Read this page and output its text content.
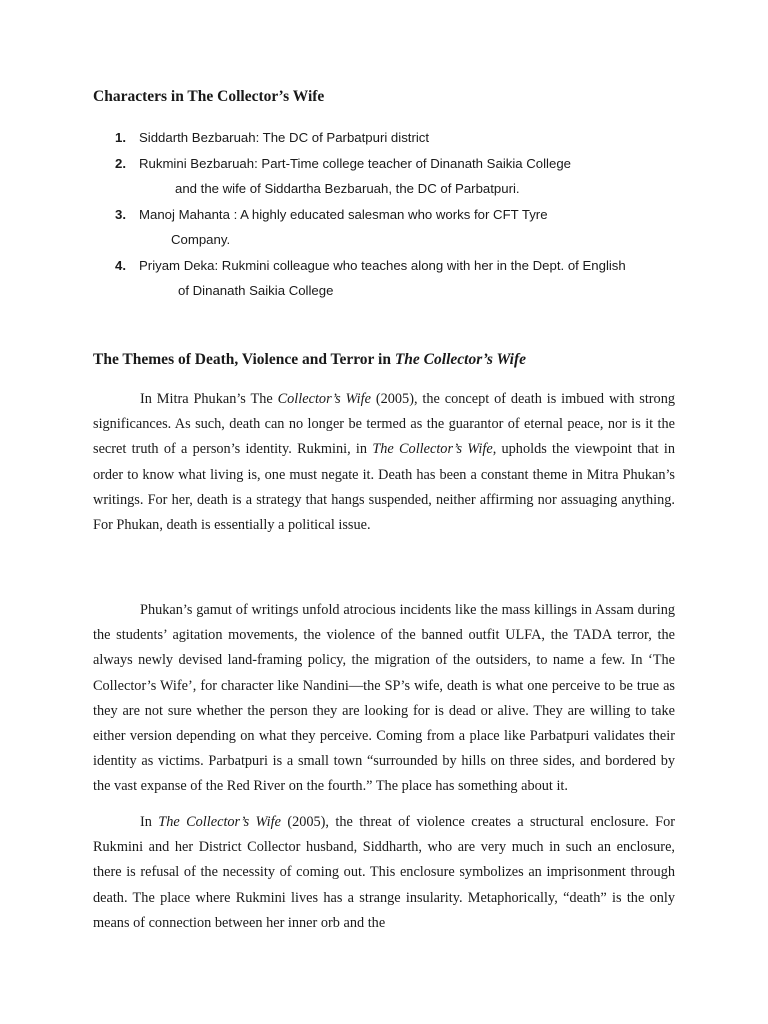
Characters in The Collector’s Wife
1. Siddarth Bezbaruah: The DC of Parbatpuri district
2. Rukmini Bezbaruah: Part-Time college teacher of Dinanath Saikia College
and the wife of Siddartha Bezbaruah, the DC of Parbatpuri.
3. Manoj Mahanta : A highly educated salesman who works for CFT Tyre
Company.
4. Priyam Deka: Rukmini colleague who teaches along with her in the Dept. of English
of Dinanath Saikia College
The Themes of Death, Violence and Terror in The Collector’s Wife

In Mitra Phukan’s The Collector’s Wife (2005), the concept of death is imbued with strong significances. As such, death can no longer be termed as the guarantor of eternal peace, nor is it the secret truth of a person’s identity. Rukmini, in The Collector’s Wife, upholds the viewpoint that in order to know what living is, one must negate it. Death has been a constant theme in Mitra Phukan’s writings. For her, death is a strategy that hangs suspended, neither affirming nor assuaging anything. For Phukan, death is essentially a political issue.

Phukan’s gamut of writings unfold atrocious incidents like the mass killings in Assam during the students’ agitation movements, the violence of the banned outfit ULFA, the TADA terror, the always newly devised land-framing policy, the migration of the outsiders, to name a few. In ‘The Collector’s Wife’, for character like Nandini—the SP’s wife, death is what one perceive to be true as they are not sure whether the person they are looking for is dead or alive. They are willing to take either version depending on what they perceive. Coming from a place like Parbatpuri validates their identity as victims. Parbatpuri is a small town “surrounded by hills on three sides, and bordered by the vast expanse of the Red River on the fourth.” The place has something about it.

In The Collector’s Wife (2005), the threat of violence creates a structural enclosure. For Rukmini and her District Collector husband, Siddharth, who are very much in such an enclosure, there is refusal of the necessity of coming out. This enclosure symbolizes an imprisonment through death. The place where Rukmini lives has a strange insularity. Metaphorically, “death” is the only means of connection between her inner orb and the
